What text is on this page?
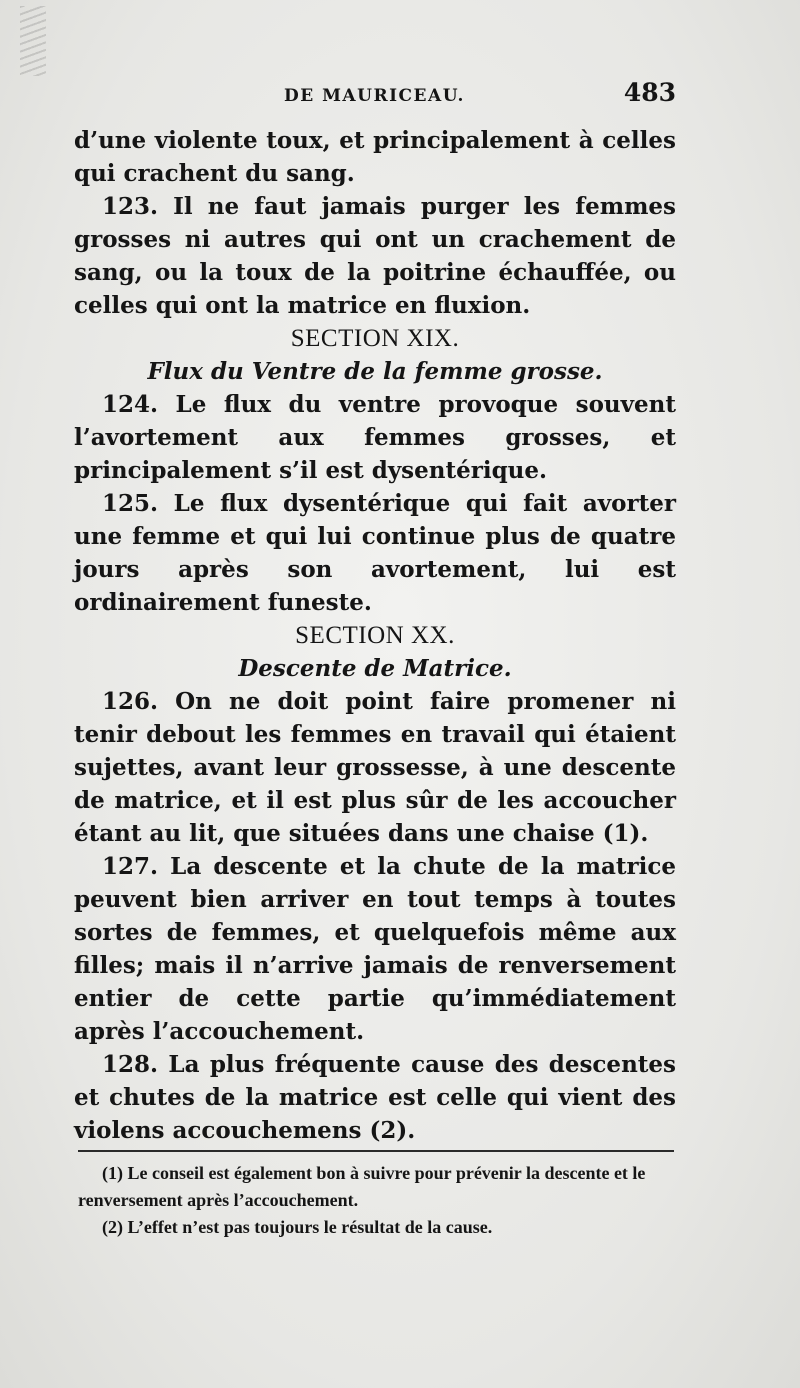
DE MAURICEAU.	483

d’une violente toux, et principalement à celles qui crachent du sang.

123. Il ne faut jamais purger les femmes grosses ni autres qui ont un crachement de sang, ou la toux de la poitrine échauffée, ou celles qui ont la matrice en fluxion.

SECTION XIX.

Flux du Ventre de la femme grosse.

124. Le flux du ventre provoque souvent l’avortement aux femmes grosses, et principalement s’il est dysentérique.

125. Le flux dysentérique qui fait avorter une femme et qui lui continue plus de quatre jours après son avortement, lui est ordinairement funeste.

SECTION XX.

Descente de Matrice.

126. On ne doit point faire promener ni tenir debout les femmes en travail qui étaient sujettes, avant leur grossesse, à une descente de matrice, et il est plus sûr de les accoucher étant au lit, que situées dans une chaise (1).

127. La descente et la chute de la matrice peuvent bien arriver en tout temps à toutes sortes de femmes, et quelquefois même aux filles; mais il n’arrive jamais de renversement entier de cette partie qu’immédiatement après l’accouchement.

128. La plus fréquente cause des descentes et chutes de la matrice est celle qui vient des violens accouchemens (2).

(1) Le conseil est également bon à suivre pour prévenir la descente et le renversement après l’accouchement.

(2) L’effet n’est pas toujours le résultat de la cause.
